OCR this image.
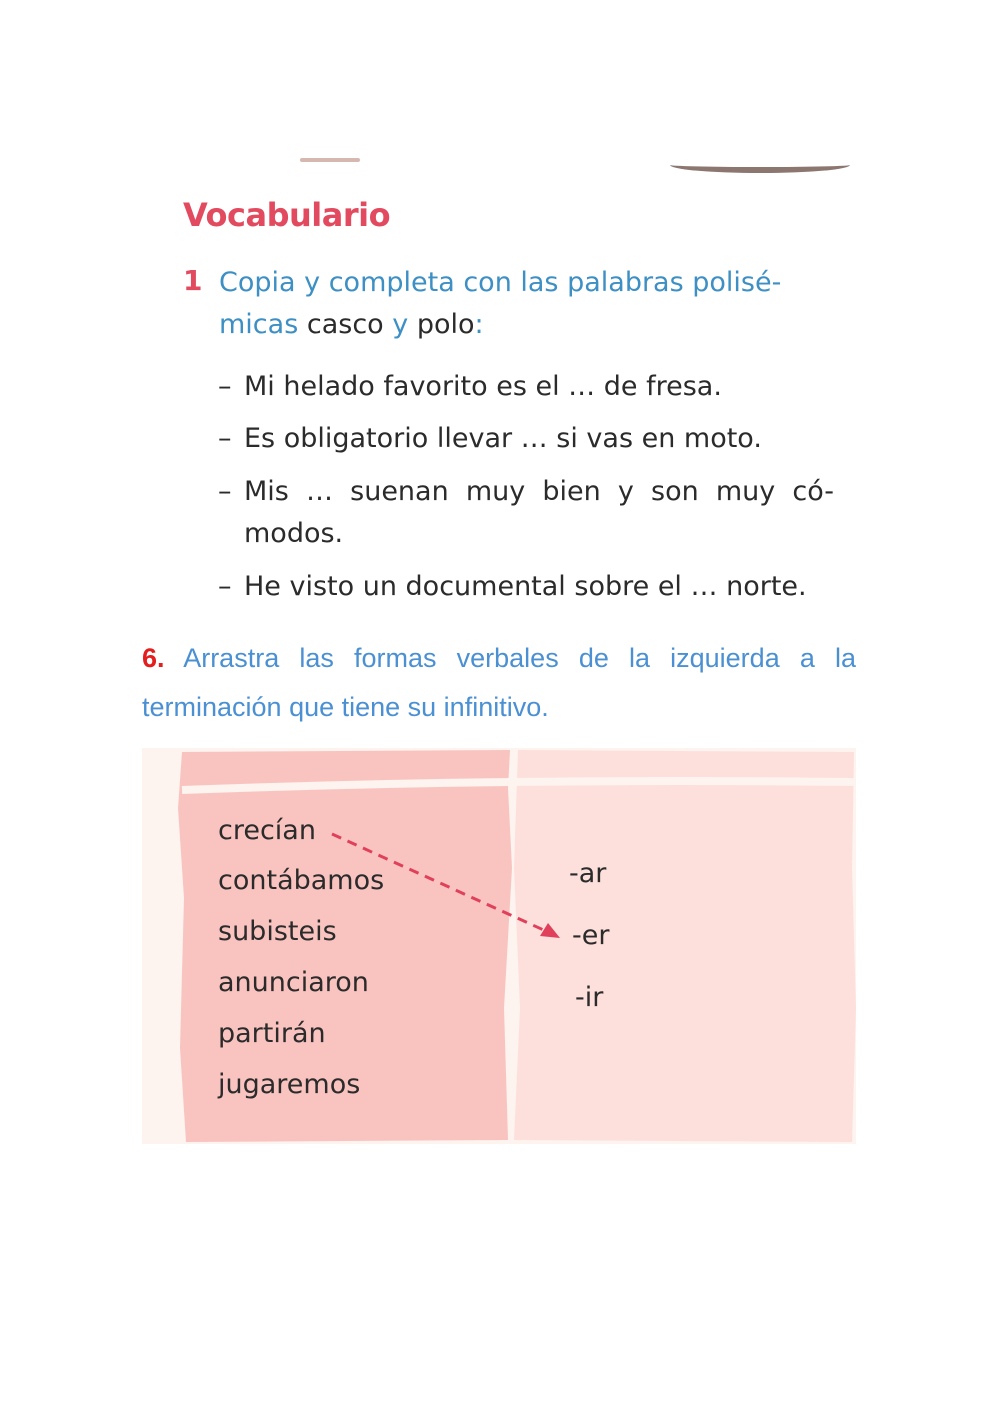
Vocabulario
1 Copia y completa con las palabras polisé-
micas casco y polo:
– Mi helado favorito es el … de fresa.
– Es obligatorio llevar … si vas en moto.
– Mis … suenan muy bien y son muy có-
modos.
– He visto un documental sobre el … norte.
6. Arrastra las formas verbales de la izquierda a la
terminación que tiene su infinitivo.
crecían
contábamos
subisteis
anunciaron
partirán
jugaremos
-ar
-er
-ir
